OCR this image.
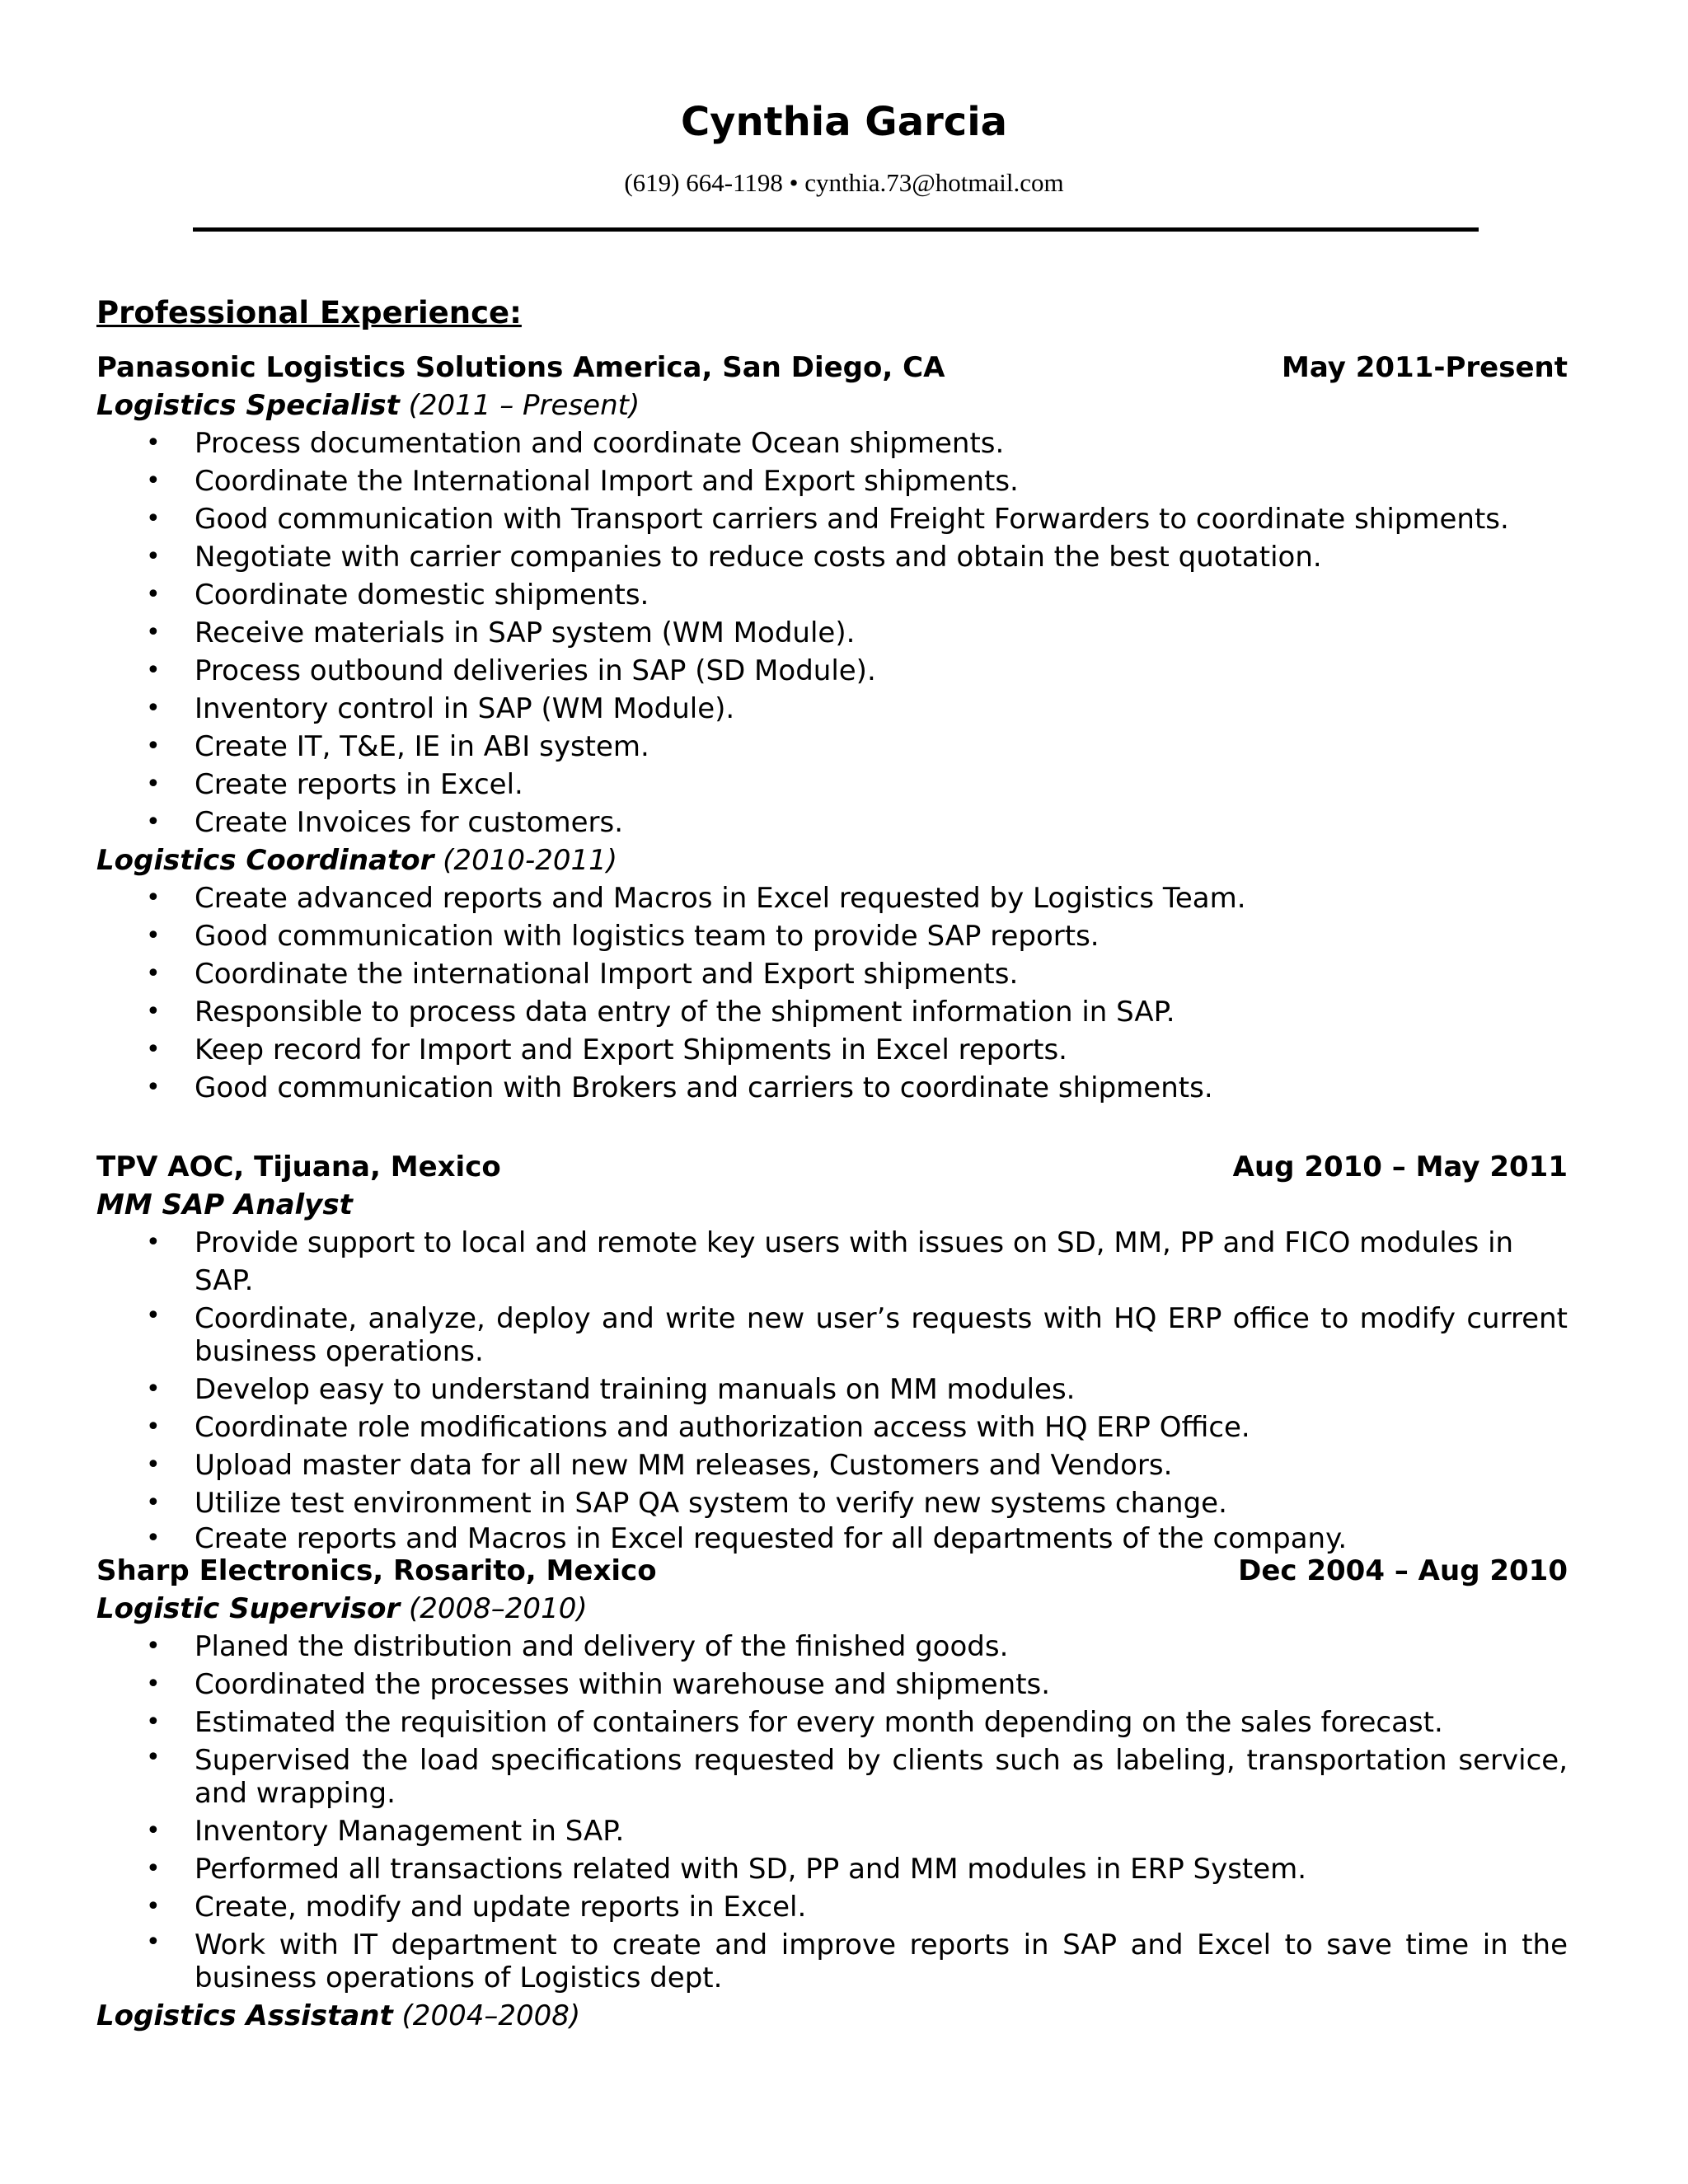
Cynthia Garcia
(619) 664-1198 • cynthia.73@hotmail.com
Professional Experience:
Panasonic Logistics Solutions America, San Diego, CA	May 2011-Present
Logistics Specialist (2011 – Present)
• Process documentation and coordinate Ocean shipments.
• Coordinate the International Import and Export shipments.
• Good communication with Transport carriers and Freight Forwarders to coordinate shipments.
• Negotiate with carrier companies to reduce costs and obtain the best quotation.
• Coordinate domestic shipments.
• Receive materials in SAP system (WM Module).
• Process outbound deliveries in SAP (SD Module).
• Inventory control in SAP (WM Module).
• Create IT, T&E, IE in ABI system.
• Create reports in Excel.
• Create Invoices for customers.
Logistics Coordinator (2010-2011)
• Create advanced reports and Macros in Excel requested by Logistics Team.
• Good communication with logistics team to provide SAP reports.
• Coordinate the international Import and Export shipments.
• Responsible to process data entry of the shipment information in SAP.
• Keep record for Import and Export Shipments in Excel reports.
• Good communication with Brokers and carriers to coordinate shipments.
TPV AOC, Tijuana, Mexico	Aug 2010 – May 2011
MM SAP Analyst
• Provide support to local and remote key users with issues on SD, MM, PP and FICO modules in SAP.
• Coordinate, analyze, deploy and write new user’s requests with HQ ERP office to modify current business operations.
• Develop easy to understand training manuals on MM modules.
• Coordinate role modifications and authorization access with HQ ERP Office.
• Upload master data for all new MM releases, Customers and Vendors.
• Utilize test environment in SAP QA system to verify new systems change.
• Create reports and Macros in Excel requested for all departments of the company.
Sharp Electronics, Rosarito, Mexico	Dec 2004 – Aug 2010
Logistic Supervisor (2008–2010)
• Planed the distribution and delivery of the finished goods.
• Coordinated the processes within warehouse and shipments.
• Estimated the requisition of containers for every month depending on the sales forecast.
• Supervised the load specifications requested by clients such as labeling, transportation service, and wrapping.
• Inventory Management in SAP.
• Performed all transactions related with SD, PP and MM modules in ERP System.
• Create, modify and update reports in Excel.
• Work with IT department to create and improve reports in SAP and Excel to save time in the business operations of Logistics dept.
Logistics Assistant (2004–2008)
